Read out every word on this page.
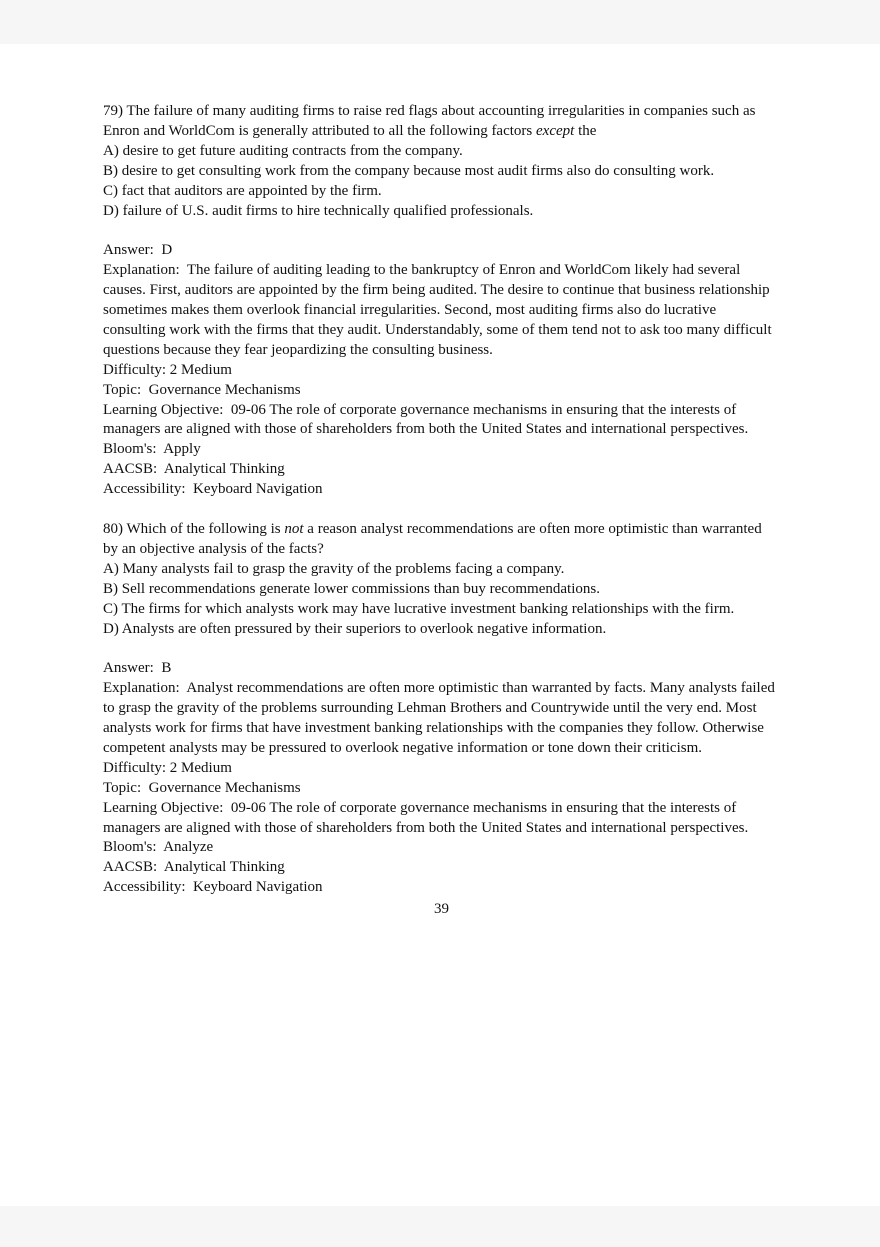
79) The failure of many auditing firms to raise red flags about accounting irregularities in companies such as Enron and WorldCom is generally attributed to all the following factors except the

A) desire to get future auditing contracts from the company.

B) desire to get consulting work from the company because most audit firms also do consulting work.

C) fact that auditors are appointed by the firm.

D) failure of U.S. audit firms to hire technically qualified professionals.

Answer:  D

Explanation:  The failure of auditing leading to the bankruptcy of Enron and WorldCom likely had several causes. First, auditors are appointed by the firm being audited. The desire to continue that business relationship sometimes makes them overlook financial irregularities. Second, most auditing firms also do lucrative consulting work with the firms that they audit. Understandably, some of them tend not to ask too many difficult questions because they fear jeopardizing the consulting business.

Difficulty: 2 Medium

Topic:  Governance Mechanisms

Learning Objective:  09-06 The role of corporate governance mechanisms in ensuring that the interests of managers are aligned with those of shareholders from both the United States and international perspectives.

Bloom's:  Apply

AACSB:  Analytical Thinking

Accessibility:  Keyboard Navigation

80) Which of the following is not a reason analyst recommendations are often more optimistic than warranted by an objective analysis of the facts?

A) Many analysts fail to grasp the gravity of the problems facing a company.

B) Sell recommendations generate lower commissions than buy recommendations.

C) The firms for which analysts work may have lucrative investment banking relationships with the firm.

D) Analysts are often pressured by their superiors to overlook negative information.

Answer:  B

Explanation:  Analyst recommendations are often more optimistic than warranted by facts. Many analysts failed to grasp the gravity of the problems surrounding Lehman Brothers and Countrywide until the very end. Most analysts work for firms that have investment banking relationships with the companies they follow. Otherwise competent analysts may be pressured to overlook negative information or tone down their criticism.

Difficulty: 2 Medium

Topic:  Governance Mechanisms

Learning Objective:  09-06 The role of corporate governance mechanisms in ensuring that the interests of managers are aligned with those of shareholders from both the United States and international perspectives.

Bloom's:  Analyze

AACSB:  Analytical Thinking

Accessibility:  Keyboard Navigation

39
